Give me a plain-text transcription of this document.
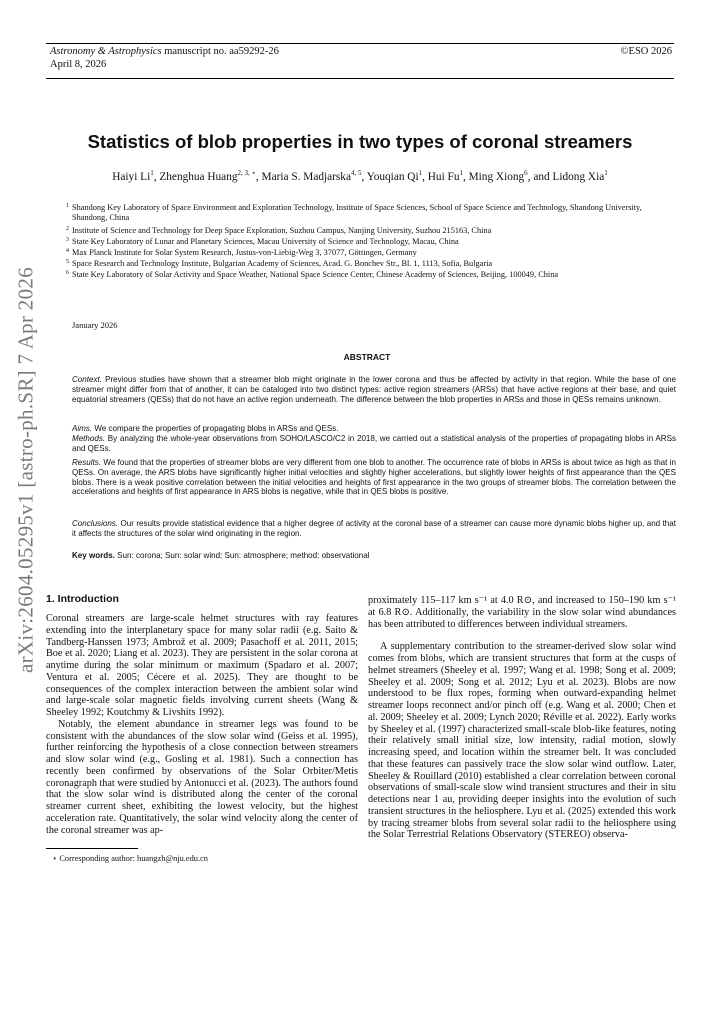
Astronomy & Astrophysics manuscript no. aa59292-26
April 8, 2026
©ESO 2026
arXiv:2604.05295v1 [astro-ph.SR] 7 Apr 2026
Statistics of blob properties in two types of coronal streamers
Haiyi Li$^1$, Zhenghua Huang$^{2, 3, ⋆}$, Maria S. Madjarska$^{4, 5}$, Youqian Qi$^1$, Hui Fu$^1$, Ming Xiong$^6$, and Lidong Xia$^1$
1 Shandong Key Laboratory of Space Environment and Exploration Technology, Institute of Space Sciences, School of Space Science and Technology, Shandong University, Shandong, China
2 Institute of Science and Technology for Deep Space Exploration, Suzhou Campus, Nanjing University, Suzhou 215163, China
3 State Key Laboratory of Lunar and Planetary Sciences, Macau University of Science and Technology, Macau, China
4 Max Planck Institute for Solar System Research, Justus-von-Liebig-Weg 3, 37077, Göttingen, Germany
5 Space Research and Technology Institute, Bulgarian Academy of Sciences, Acad. G. Bonchev Str., Bl. 1, 1113, Sofia, Bulgaria
6 State Key Laboratory of Solar Activity and Space Weather, National Space Science Center, Chinese Academy of Sciences, Beijing, 100049, China
January 2026
ABSTRACT
Context. Previous studies have shown that a streamer blob might originate in the lower corona and thus be affected by activity in that region. While the base of one streamer might differ from that of another, it can be cataloged into two distinct types: active region streamers (ARSs) that have active regions at their base, and quiet equatorial streamers (QESs) that do not have an active region underneath. The difference between the blob properties in ARSs and those in QESs remains unknown.
Aims. We compare the properties of propagating blobs in ARSs and QESs.
Methods. By analyzing the whole-year observations from SOHO/LASCO/C2 in 2018, we carried out a statistical analysis of the properties of propagating blobs in ARSs and QESs.
Results. We found that the properties of streamer blobs are very different from one blob to another. The occurrence rate of blobs in ARSs is about twice as high as that in QESs. On average, the ARS blobs have significantly higher initial velocities and slightly higher accelerations, but slightly lower heights of first appearance than the QES blobs. There is a weak positive correlation between the initial velocities and heights of first appearance in the two groups of streamer blobs. The correlation between the accelerations and heights of first appearance in ARS blobs is negative, while that in QES blobs is positive.
Conclusions. Our results provide statistical evidence that a higher degree of activity at the coronal base of a streamer can cause more dynamic blobs higher up, and that it affects the structures of the solar wind originating in the region.
Key words. Sun: corona; Sun: solar wind; Sun: atmosphere; method: observational
1. Introduction

Coronal streamers are large-scale helmet structures with ray features extending into the interplanetary space for many solar radii (e.g. Saito & Tandberg-Hanssen 1973; Ambrož et al. 2009; Pasachoff et al. 2011, 2015; Boe et al. 2020; Liang et al. 2023). They are persistent in the solar corona at anytime during the solar minimum or maximum (Spadaro et al. 2007; Ventura et al. 2005; Cécere et al. 2025). They are thought to be consequences of the complex interaction between the ambient solar wind and large-scale solar magnetic fields involving current sheets (Wang & Sheeley 1992; Koutchmy & Livshits 1992).

Notably, the element abundance in streamer legs was found to be consistent with the abundances of the slow solar wind (Geiss et al. 1995), further reinforcing the hypothesis of a close connection between streamers and slow solar wind (e.g., Gosling et al. 1981). Such a connection has recently been confirmed by observations of the Solar Orbiter/Metis coronagraph that were studied by Antonucci et al. (2023). The authors found that the slow solar wind is distributed along the center of the coronal streamer current sheet, exhibiting the lowest velocity, but the highest acceleration rate. Quantitatively, the solar wind velocity along the center of the coronal streamer was ap-

proximately 115–117 km s⁻¹ at 4.0 R⊙, and increased to 150–190 km s⁻¹ at 6.8 R⊙. Additionally, the variability in the slow solar wind abundances has been attributed to differences between individual streamers.

A supplementary contribution to the streamer-derived slow solar wind comes from blobs, which are transient structures that form at the cusps of helmet streamers (Sheeley et al. 1997; Wang et al. 1998; Song et al. 2009; Sheeley et al. 2009; Song et al. 2012; Lyu et al. 2023). Blobs are now understood to be flux ropes, forming when outward-expanding helmet streamer loops reconnect and/or pinch off (e.g. Wang et al. 2000; Chen et al. 2009; Sheeley et al. 2009; Lynch 2020; Réville et al. 2022). Early works by Sheeley et al. (1997) characterized small-scale blob-like features, noting their relatively small initial size, low intensity, radial motion, slowly increasing speed, and location within the streamer belt. It was concluded that these features can passively trace the slow solar wind outflow. Later, Sheeley & Rouillard (2010) established a clear correlation between coronal observations of small-scale slow wind transient structures and their in situ detections near 1 au, providing deeper insights into the evolution of such transient structures in the heliosphere. Lyu et al. (2025) extended this work by tracing streamer blobs from several solar radii to the heliosphere using the Solar Terrestrial Relations Observatory (STEREO) observa-

⋆ Corresponding author: huangzh@nju.edu.cn
